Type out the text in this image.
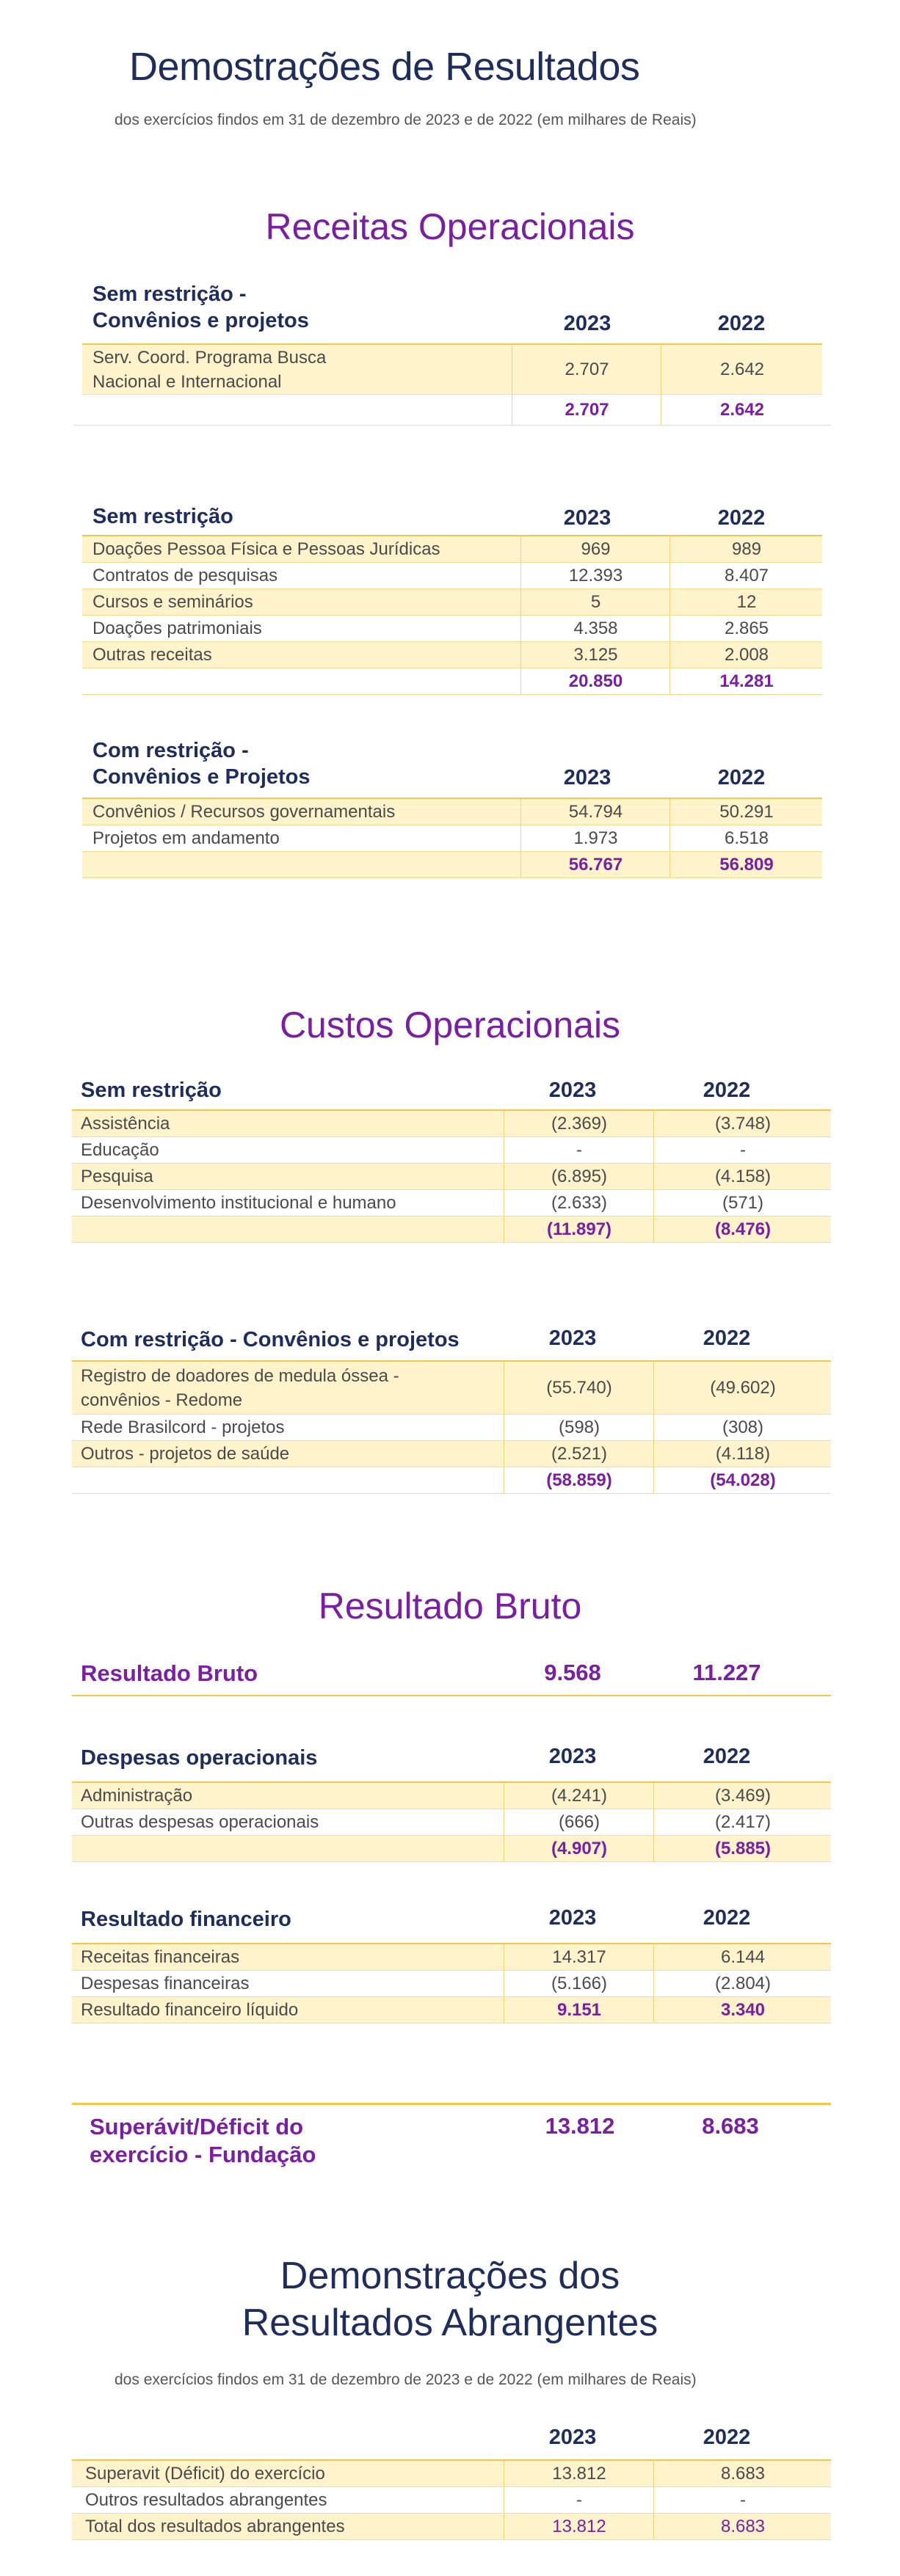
Demostrações de Resultados
dos exercícios findos em 31 de dezembro de 2023 e de 2022 (em milhares de Reais)
Receitas Operacionais
Sem restrição -
Convênios e projetos	2023	2022
Serv. Coord. Programa Busca
Nacional e Internacional
2.707	2.642
2.707	2.642
Sem restrição	2023	2022
Doações Pessoa Física e Pessoas Jurídicas	969	989
Contratos de pesquisas	12.393	8.407
Cursos e seminários	5	12
Doações patrimoniais	4.358	2.865
Outras receitas	3.125	2.008
20.850	14.281
Com restrição -
Convênios e Projetos	2023	2022
Convênios / Recursos governamentais	54.794	50.291
Projetos em andamento	1.973	6.518
56.767	56.809
Custos Operacionais
Sem restrição	2023	2022
Assistência	(2.369)	(3.748)
Educação	-	-
Pesquisa	(6.895)	(4.158)
Desenvolvimento institucional e humano	(2.633)	(571)
(11.897)	(8.476)
Com restrição - Convênios e projetos	2023	2022
Registro de doadores de medula óssea -
convênios - Redome
(55.740)	(49.602)
Rede Brasilcord - projetos	(598)	(308)
Outros - projetos de saúde	(2.521)	(4.118)
(58.859)	(54.028)
Resultado Bruto
Resultado Bruto	9.568	11.227
Despesas operacionais	2023	2022
Administração	(4.241)	(3.469)
Outras despesas operacionais	(666)	(2.417)
(4.907)	(5.885)
Resultado financeiro	2023	2022
Receitas financeiras	14.317	6.144
Despesas financeiras	(5.166)	(2.804)
Resultado financeiro líquido	9.151	3.340
Superávit/Déficit do
exercício - Fundação
13.812	8.683
Demonstrações dos
Resultados Abrangentes
dos exercícios findos em 31 de dezembro de 2023 e de 2022 (em milhares de Reais)
2023	2022
Superavit (Déficit) do exercício	13.812	8.683
Outros resultados abrangentes	-	-
Total dos resultados abrangentes	13.812	8.683
